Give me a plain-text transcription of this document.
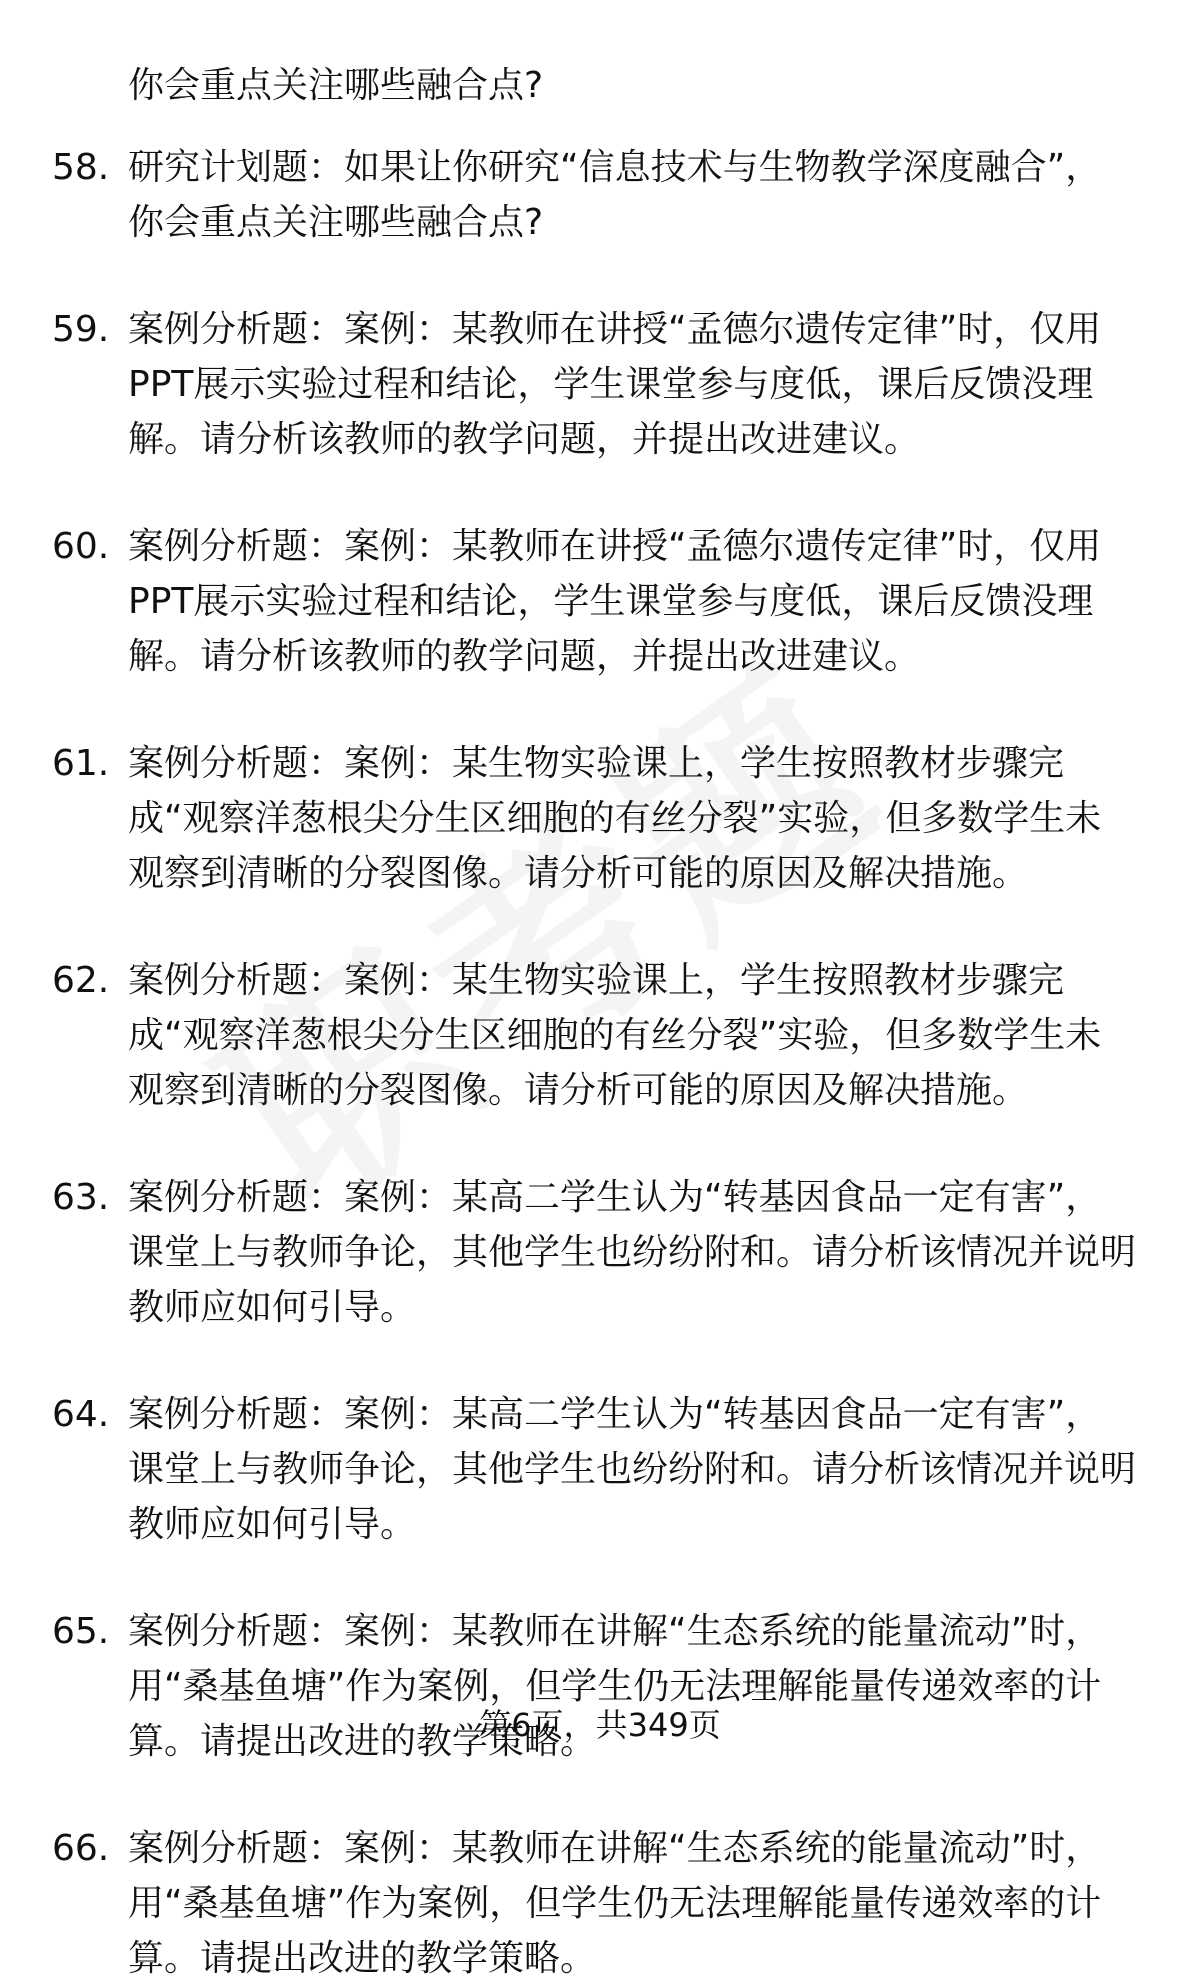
你会重点关注哪些融合点?
58. 研究计划题：如果让你研究“信息技术与生物教学深度融合”，
你会重点关注哪些融合点?
59. 案例分析题：案例：某教师在讲授“孟德尔遗传定律”时，仅用
PPT展示实验过程和结论，学生课堂参与度低，课后反馈没理
解。请分析该教师的教学问题，并提出改进建议。
60. 案例分析题：案例：某教师在讲授“孟德尔遗传定律”时，仅用
PPT展示实验过程和结论，学生课堂参与度低，课后反馈没理
解。请分析该教师的教学问题，并提出改进建议。
61. 案例分析题：案例：某生物实验课上，学生按照教材步骤完
成“观察洋葱根尖分生区细胞的有丝分裂”实验，但多数学生未
观察到清晰的分裂图像。请分析可能的原因及解决措施。
62. 案例分析题：案例：某生物实验课上，学生按照教材步骤完
成“观察洋葱根尖分生区细胞的有丝分裂”实验，但多数学生未
观察到清晰的分裂图像。请分析可能的原因及解决措施。
63. 案例分析题：案例：某高二学生认为“转基因食品一定有害”，
课堂上与教师争论，其他学生也纷纷附和。请分析该情况并说明
教师应如何引导。
64. 案例分析题：案例：某高二学生认为“转基因食品一定有害”，
课堂上与教师争论，其他学生也纷纷附和。请分析该情况并说明
教师应如何引导。
65. 案例分析题：案例：某教师在讲解“生态系统的能量流动”时，
用“桑基鱼塘”作为案例，但学生仍无法理解能量传递效率的计
算。请提出改进的教学策略。
66. 案例分析题：案例：某教师在讲解“生态系统的能量流动”时，
用“桑基鱼塘”作为案例，但学生仍无法理解能量传递效率的计
算。请提出改进的教学策略。
第6页，共349页
